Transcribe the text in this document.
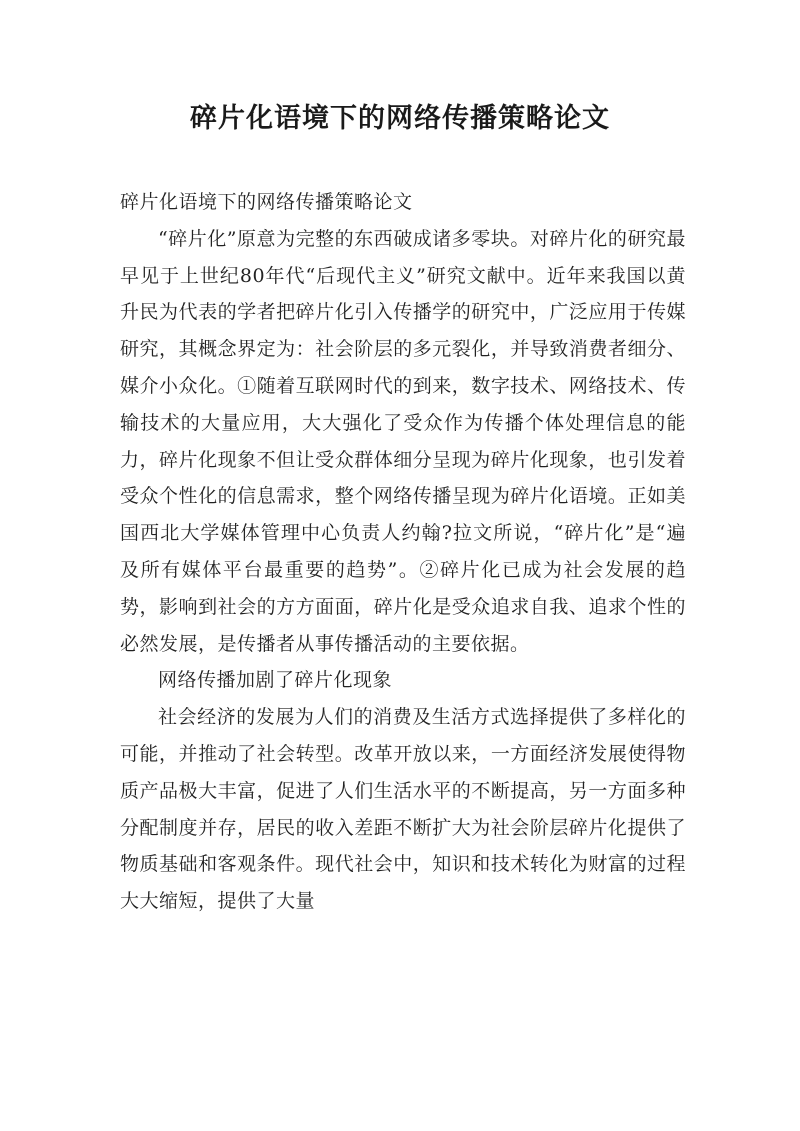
碎片化语境下的网络传播策略论文

碎片化语境下的网络传播策略论文

“碎片化”原意为完整的东西破成诸多零块。对碎片化的研究最早见于上世纪80年代“后现代主义”研究文献中。近年来我国以黄升民为代表的学者把碎片化引入传播学的研究中，广泛应用于传媒研究，其概念界定为：社会阶层的多元裂化，并导致消费者细分、媒介小众化。①随着互联网时代的到来，数字技术、网络技术、传输技术的大量应用，大大强化了受众作为传播个体处理信息的能力，碎片化现象不但让受众群体细分呈现为碎片化现象，也引发着受众个性化的信息需求，整个网络传播呈现为碎片化语境。正如美国西北大学媒体管理中心负责人约翰?拉文所说，“碎片化”是“遍及所有媒体平台最重要的趋势”。②碎片化已成为社会发展的趋势，影响到社会的方方面面，碎片化是受众追求自我、追求个性的必然发展，是传播者从事传播活动的主要依据。

网络传播加剧了碎片化现象

社会经济的发展为人们的消费及生活方式选择提供了多样化的可能，并推动了社会转型。改革开放以来，一方面经济发展使得物质产品极大丰富，促进了人们生活水平的不断提高，另一方面多种分配制度并存，居民的收入差距不断扩大为社会阶层碎片化提供了物质基础和客观条件。现代社会中，知识和技术转化为财富的过程大大缩短，提供了大量
